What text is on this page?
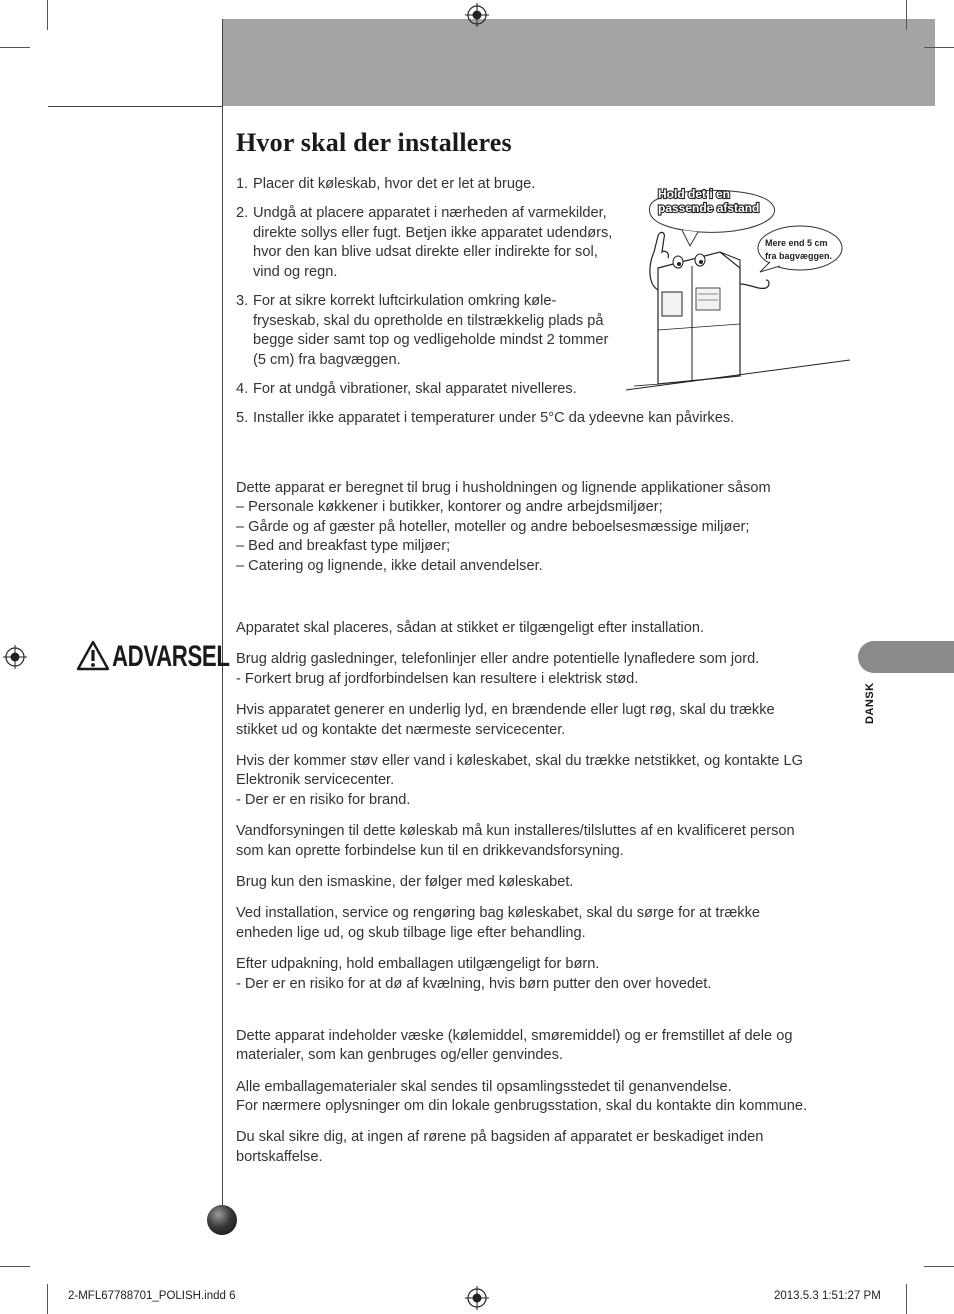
Hvor skal der installeres
1. Placer dit køleskab, hvor det er let at bruge.
2. Undgå at placere apparatet i nærheden af varmekilder, direkte sollys eller fugt. Betjen ikke apparatet udendørs, hvor den kan blive udsat direkte eller indirekte for sol, vind og regn.
3. For at sikre korrekt luftcirkulation omkring køle-fryseskab, skal du opretholde en tilstrækkelig plads på begge sider samt top og vedligeholde mindst 2 tommer (5 cm) fra bagvæggen.
4. For at undgå vibrationer, skal apparatet nivelleres.
5. Installer ikke apparatet i temperaturer under 5°C da ydeevne kan påvirkes.
Hold det i en
passende afstand
Mere end 5 cm
fra bagvæggen.
Dette apparat er beregnet til brug i husholdningen og lignende applikationer såsom
– Personale køkkener i butikker, kontorer og andre arbejdsmiljøer;
– Gårde og af gæster på hoteller, moteller og andre beboelsesmæssige miljøer;
– Bed and breakfast type miljøer;
– Catering og lignende, ikke detail anvendelser.
ADVARSEL
DANSK
Apparatet skal placeres, sådan at stikket er tilgængeligt efter installation.
Brug aldrig gasledninger, telefonlinjer eller andre potentielle lynafledere som jord.
- Forkert brug af jordforbindelsen kan resultere i elektrisk stød.
Hvis apparatet generer en underlig lyd, en brændende eller lugt røg, skal du trække
stikket ud og kontakte det nærmeste servicecenter.
Hvis der kommer støv eller vand i køleskabet, skal du trække netstikket, og kontakte LG
Elektronik servicecenter.
- Der er en risiko for brand.
Vandforsyningen til dette køleskab må kun installeres/tilsluttes af en kvalificeret person
som kan oprette forbindelse kun til en drikkevandsforsyning.
Brug kun den ismaskine, der følger med køleskabet.
Ved installation, service og rengøring bag køleskabet, skal du sørge for at trække
enheden lige ud, og skub tilbage lige efter behandling.
Efter udpakning, hold emballagen utilgængeligt for børn.
- Der er en risiko for at dø af kvælning, hvis børn putter den over hovedet.
Dette apparat indeholder væske (kølemiddel, smøremiddel) og er fremstillet af dele og
materialer, som kan genbruges og/eller genvindes.
Alle emballagematerialer skal sendes til opsamlingsstedet til genanvendelse.
For nærmere oplysninger om din lokale genbrugsstation, skal du kontakte din kommune.
Du skal sikre dig, at ingen af rørene på bagsiden af apparatet er beskadiget inden
bortskaffelse.
2-MFL67788701_POLISH.indd 6	2013.5.3 1:51:27 PM
